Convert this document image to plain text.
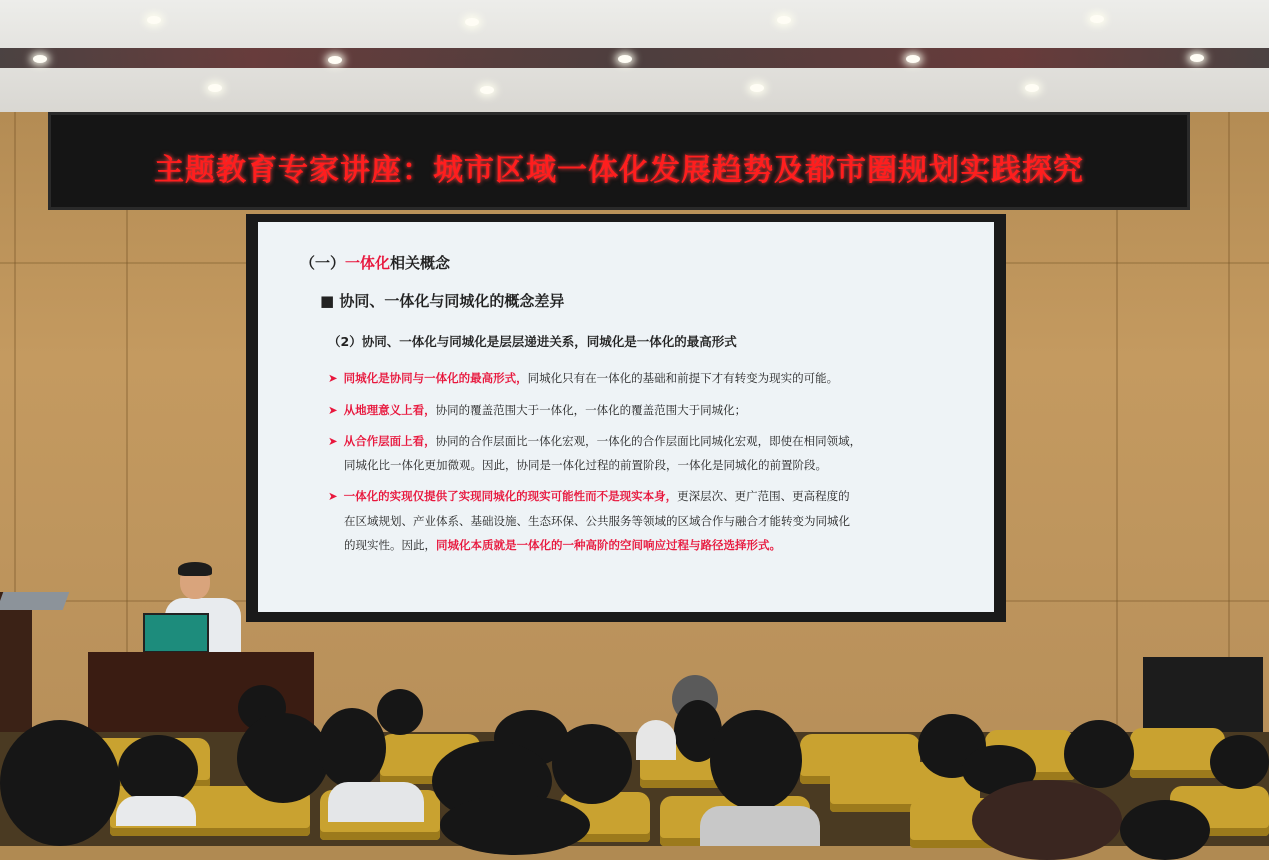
主题教育专家讲座：城市区域一体化发展趋势及都市圈规划实践探究
（一）一体化相关概念
■ 协同、一体化与同城化的概念差异
（2）协同、一体化与同城化是层层递进关系，同城化是一体化的最高形式
➤ 同城化是协同与一体化的最高形式，同城化只有在一体化的基础和前提下才有转变为现实的可能。
➤ 从地理意义上看，协同的覆盖范围大于一体化，一体化的覆盖范围大于同城化；
➤ 从合作层面上看，协同的合作层面比一体化宏观，一体化的合作层面比同城化宏观，即使在相同领域，
同城化比一体化更加微观。因此，协同是一体化过程的前置阶段，一体化是同城化的前置阶段。
➤ 一体化的实现仅提供了实现同城化的现实可能性而不是现实本身，更深层次、更广范围、更高程度的
在区域规划、产业体系、基础设施、生态环保、公共服务等领域的区域合作与融合才能转变为同城化
的现实性。因此，同城化本质就是一体化的一种高阶的空间响应过程与路径选择形式。
